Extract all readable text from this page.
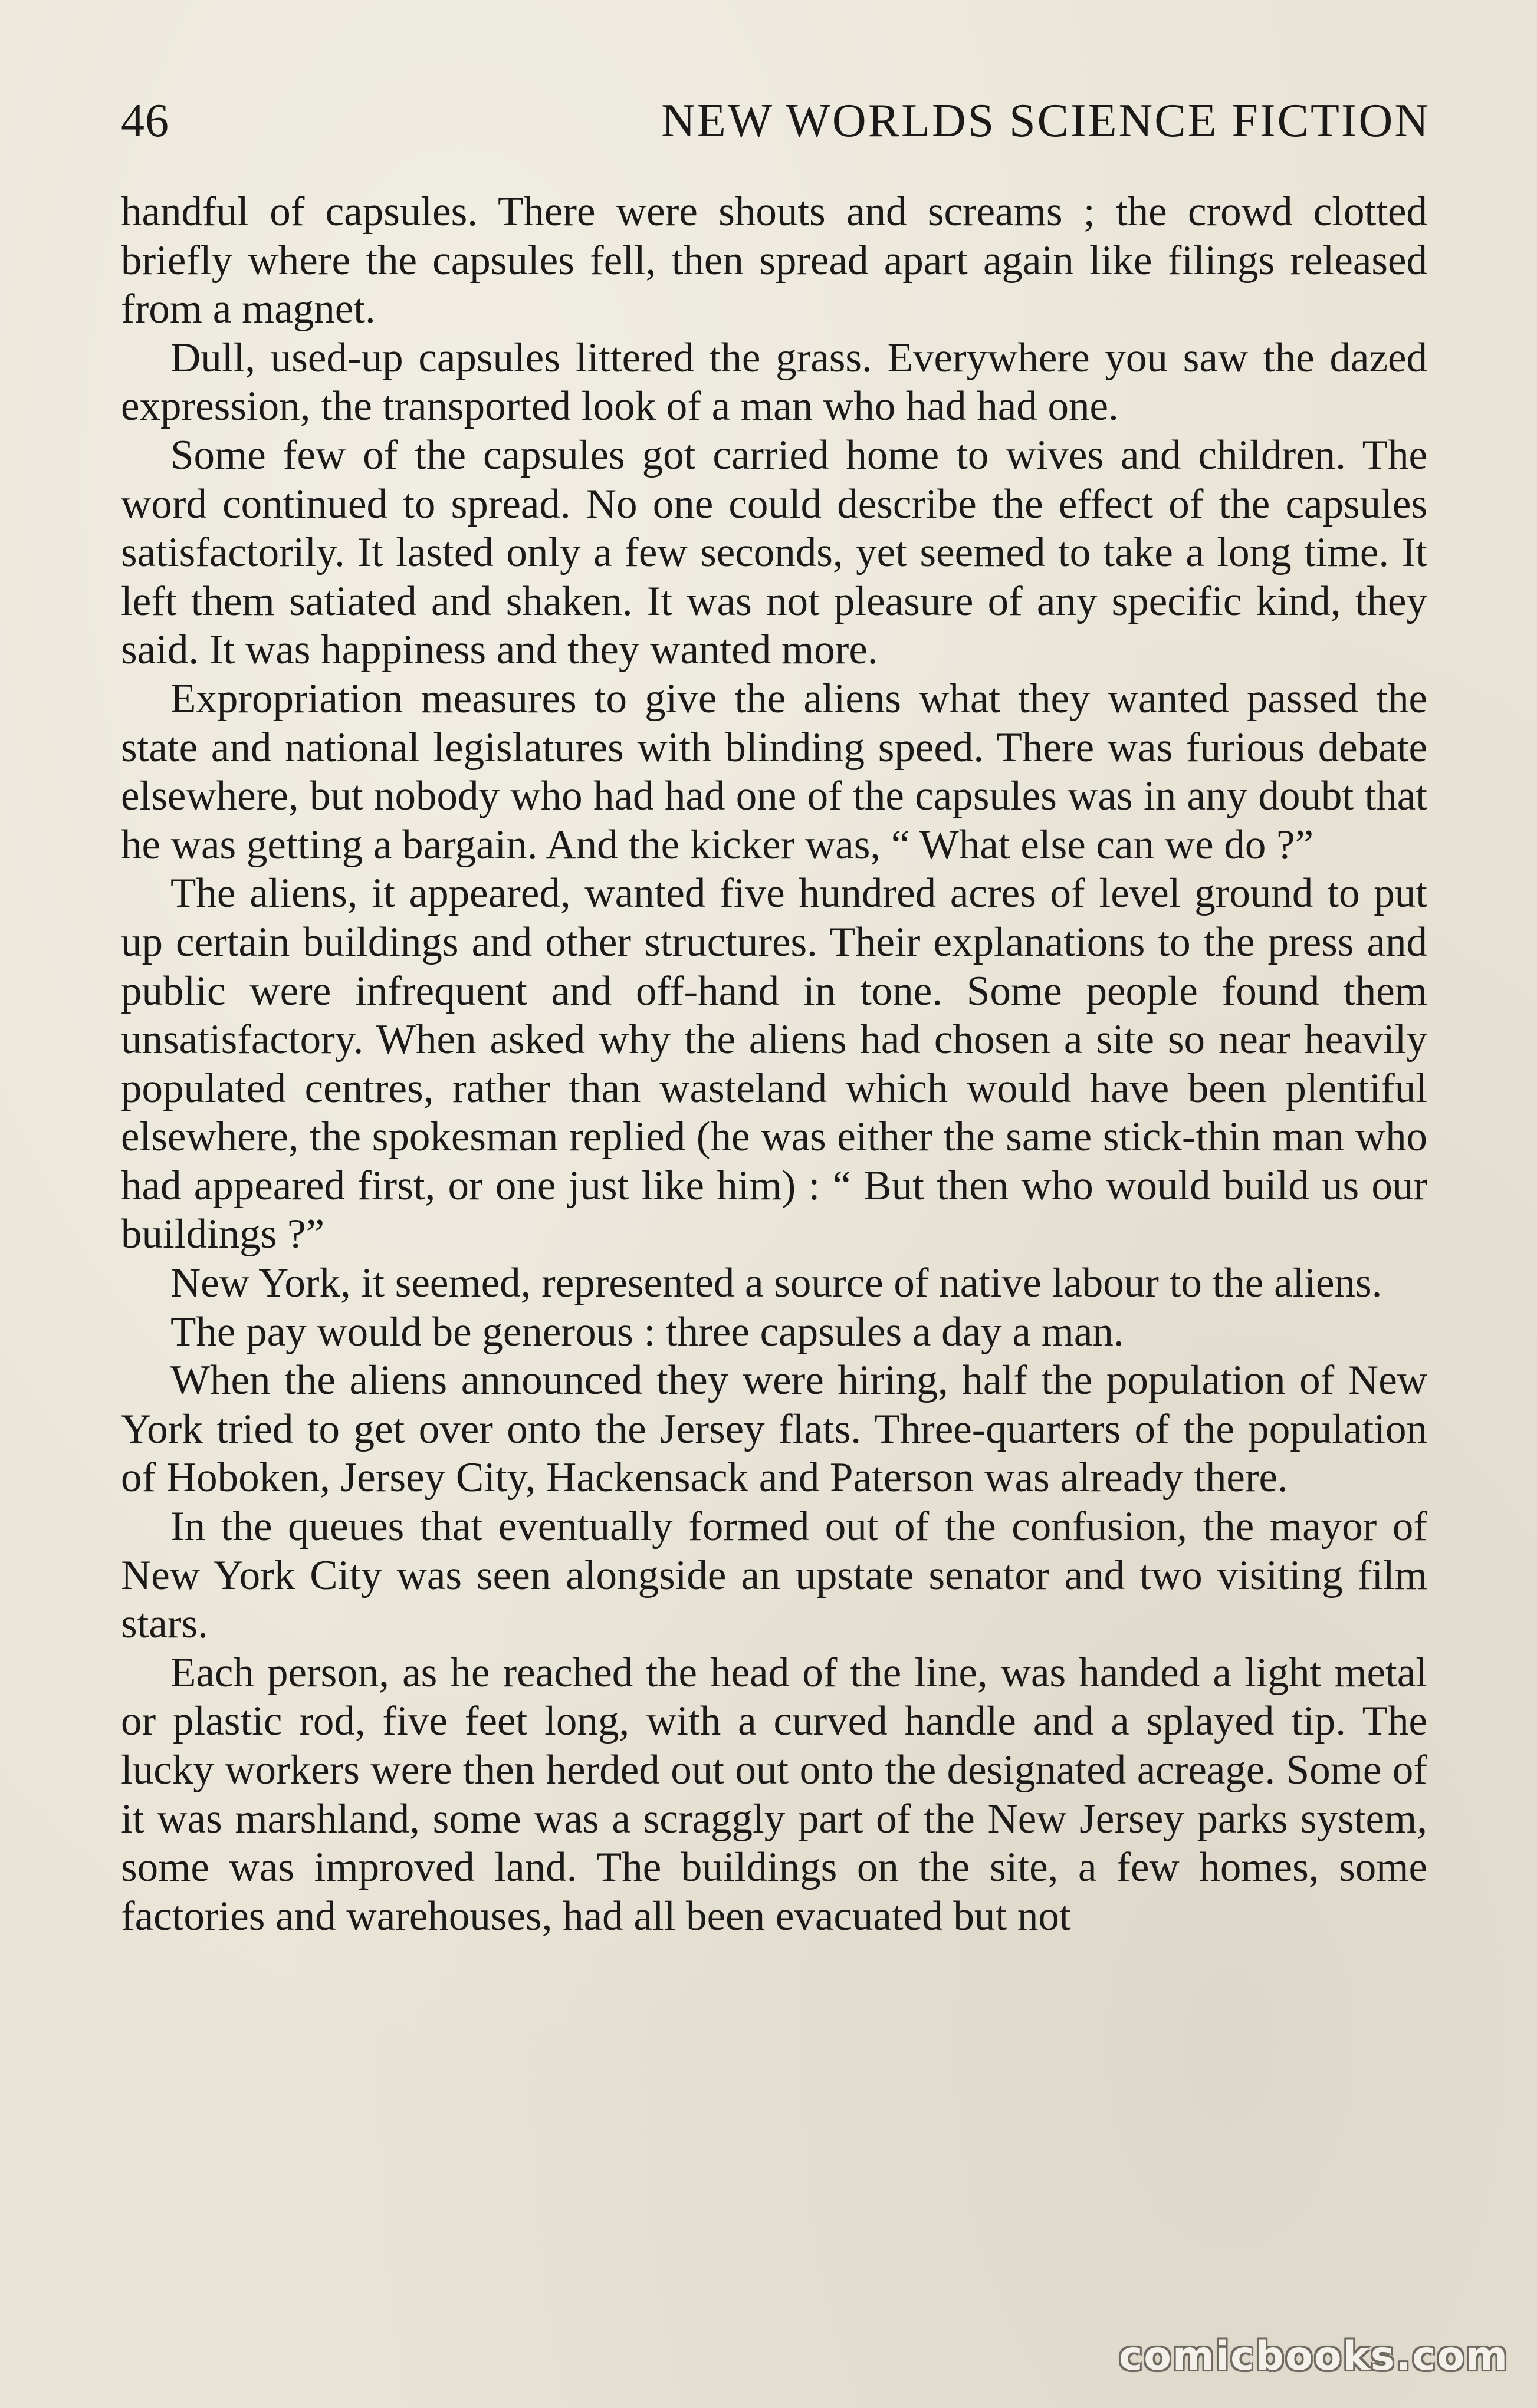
46	NEW WORLDS SCIENCE FICTION

handful of capsules. There were shouts and screams ; the crowd clotted briefly where the capsules fell, then spread apart again like filings released from a magnet.

Dull, used-up capsules littered the grass. Everywhere you saw the dazed expression, the transported look of a man who had had one.

Some few of the capsules got carried home to wives and children. The word continued to spread. No one could describe the effect of the capsules satisfactorily. It lasted only a few seconds, yet seemed to take a long time. It left them satiated and shaken. It was not pleasure of any specific kind, they said. It was happiness and they wanted more.

Expropriation measures to give the aliens what they wanted passed the state and national legislatures with blinding speed. There was furious debate elsewhere, but nobody who had had one of the capsules was in any doubt that he was getting a bargain. And the kicker was, “ What else can we do ?”

The aliens, it appeared, wanted five hundred acres of level ground to put up certain buildings and other structures. Their explanations to the press and public were infrequent and off-hand in tone. Some people found them unsatisfactory. When asked why the aliens had chosen a site so near heavily populated centres, rather than wasteland which would have been plentiful elsewhere, the spokesman replied (he was either the same stick-thin man who had appeared first, or one just like him) : “ But then who would build us our buildings ?”

New York, it seemed, represented a source of native labour to the aliens.

The pay would be generous : three capsules a day a man.

When the aliens announced they were hiring, half the population of New York tried to get over onto the Jersey flats. Three-quarters of the population of Hoboken, Jersey City, Hackensack and Paterson was already there.

In the queues that eventually formed out of the confusion, the mayor of New York City was seen alongside an upstate senator and two visiting film stars.

Each person, as he reached the head of the line, was handed a light metal or plastic rod, five feet long, with a curved handle and a splayed tip. The lucky workers were then herded out out onto the designated acreage. Some of it was marshland, some was a scraggly part of the New Jersey parks system, some was improved land. The buildings on the site, a few homes, some factories and warehouses, had all been evacuated but not

comicbooks.com
